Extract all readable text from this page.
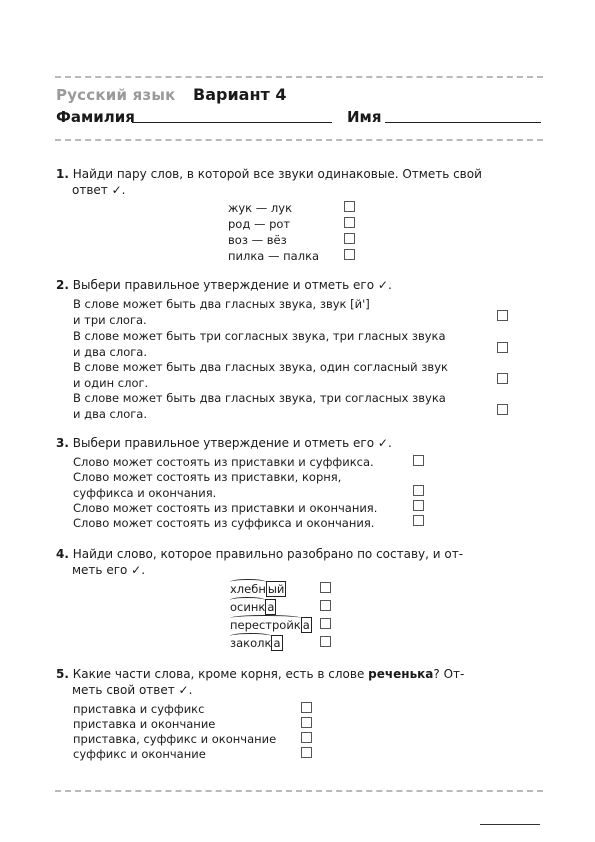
Русский язык Вариант 4
Фамилия	Имя
1. Найди пару слов, в которой все звуки одинаковые. Отметь свой
ответ ✓.
жук — лук
род — рот
воз — вёз
пилка — палка
2. Выбери правильное утверждение и отметь его ✓.
В слове может быть два гласных звука, звук [й']
и три слога.
В слове может быть три согласных звука, три гласных звука
и два слога.
В слове может быть два гласных звука, один согласный звук
и один слог.
В слове может быть два гласных звука, три согласных звука
и два слога.
3. Выбери правильное утверждение и отметь его ✓.
Слово может состоять из приставки и суффикса.
Слово может состоять из приставки, корня,
суффикса и окончания.
Слово может состоять из приставки и окончания.
Слово может состоять из суффикса и окончания.
4. Найди слово, которое правильно разобрано по составу, и от-
меть его ✓.
хлебн ый
осинк а
перестройк а
заколк а
5. Какие части слова, кроме корня, есть в слове реченька? От-
меть свой ответ ✓.
приставка и суффикс
приставка и окончание
приставка, суффикс и окончание
суффикс и окончание
